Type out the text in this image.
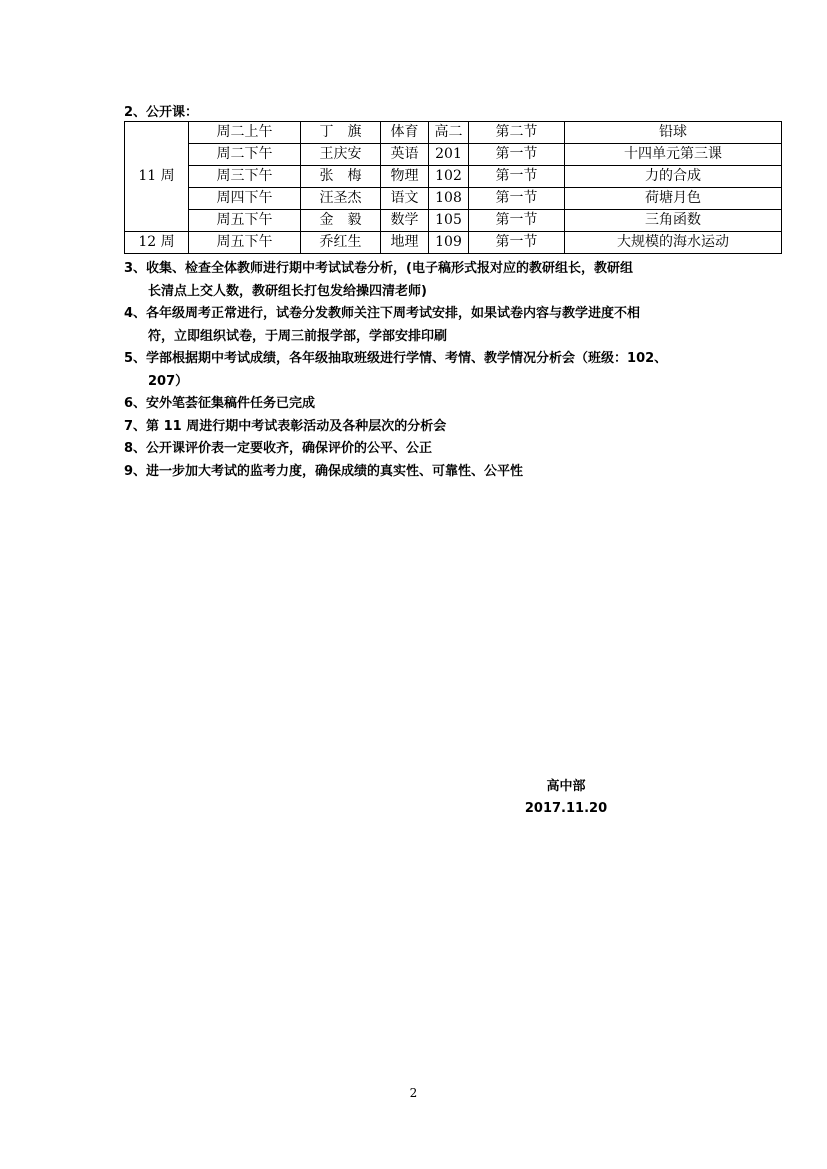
2、公开课：
11 周	周二上午	丁　旗	体育	高二	第二节	铅球
	周二下午	王庆安	英语	201	第一节	十四单元第三课
	周三下午	张　梅	物理	102	第一节	力的合成
	周四下午	汪圣杰	语文	108	第一节	荷塘月色
	周五下午	金　毅	数学	105	第一节	三角函数
12 周	周五下午	乔红生	地理	109	第一节	大规模的海水运动
3、收集、检查全体教师进行期中考试试卷分析，(电子稿形式报对应的教研组长，教研组
长清点上交人数，教研组长打包发给操四清老师)
4、各年级周考正常进行，试卷分发教师关注下周考试安排，如果试卷内容与教学进度不相
符，立即组织试卷，于周三前报学部，学部安排印刷
5、学部根据期中考试成绩，各年级抽取班级进行学情、考情、教学情况分析会（班级：102、
207）
6、安外笔荟征集稿件任务已完成
7、第 11 周进行期中考试表彰活动及各种层次的分析会
8、公开课评价表一定要收齐，确保评价的公平、公正
9、进一步加大考试的监考力度，确保成绩的真实性、可靠性、公平性
高中部
2017.11.20
2
